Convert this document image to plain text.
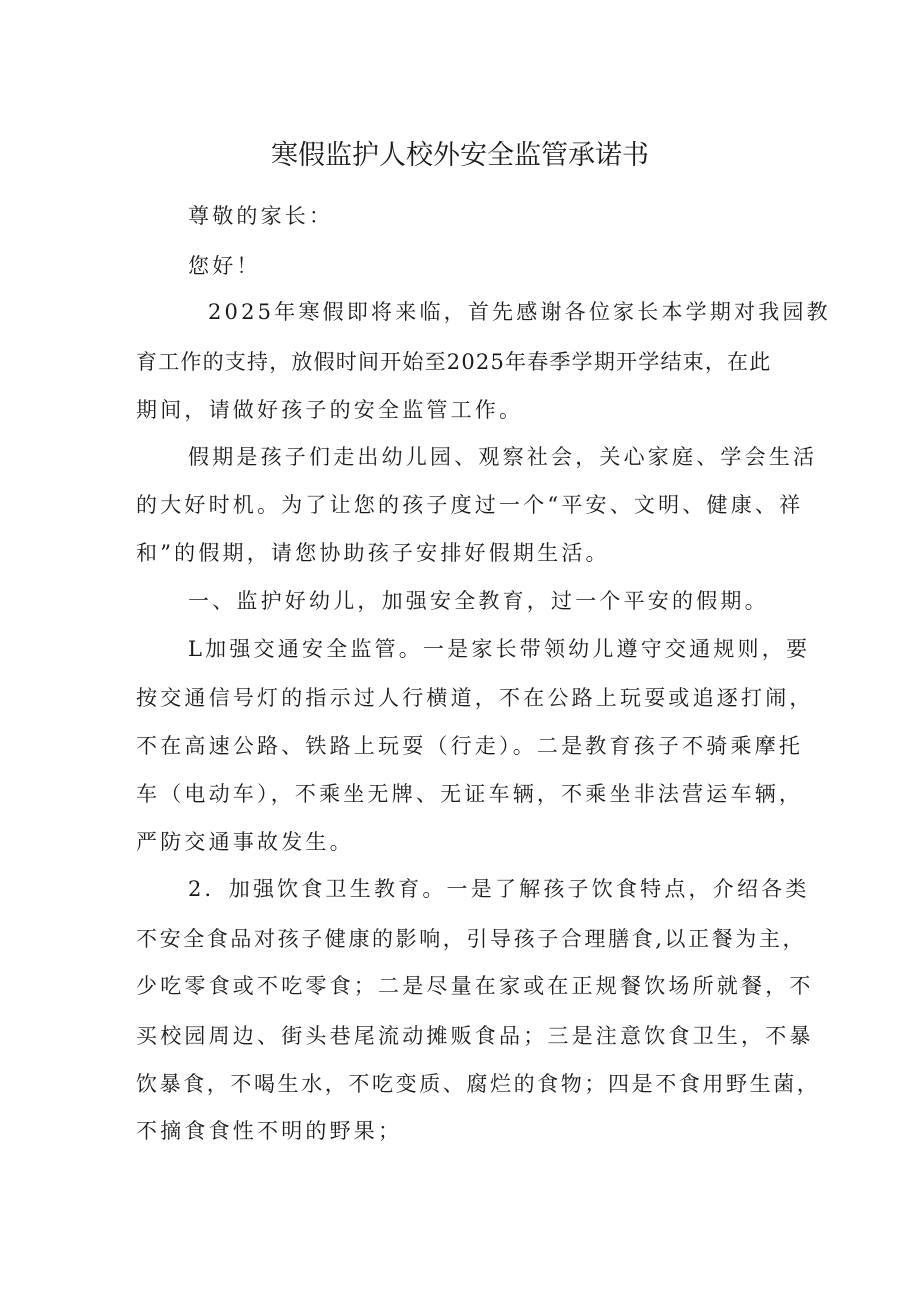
寒假监护人校外安全监管承诺书
尊敬的家长：
您好！
2025年寒假即将来临，首先感谢各位家长本学期对我园教
育工作的支持，放假时间开始至2025年春季学期开学结束，在此
期间，请做好孩子的安全监管工作。
假期是孩子们走出幼儿园、观察社会，关心家庭、学会生活
的大好时机。为了让您的孩子度过一个“平安、文明、健康、祥
和”的假期，请您协助孩子安排好假期生活。
一、监护好幼儿，加强安全教育，过一个平安的假期。
L加强交通安全监管。一是家长带领幼儿遵守交通规则，要
按交通信号灯的指示过人行横道，不在公路上玩耍或追逐打闹，
不在高速公路、铁路上玩耍（行走）。二是教育孩子不骑乘摩托
车（电动车），不乘坐无牌、无证车辆，不乘坐非法营运车辆，
严防交通事故发生。
2．加强饮食卫生教育。一是了解孩子饮食特点，介绍各类
不安全食品对孩子健康的影响，引导孩子合理膳食,以正餐为主，
少吃零食或不吃零食；二是尽量在家或在正规餐饮场所就餐，不
买校园周边、街头巷尾流动摊贩食品；三是注意饮食卫生，不暴
饮暴食，不喝生水，不吃变质、腐烂的食物；四是不食用野生菌，
不摘食食性不明的野果；
